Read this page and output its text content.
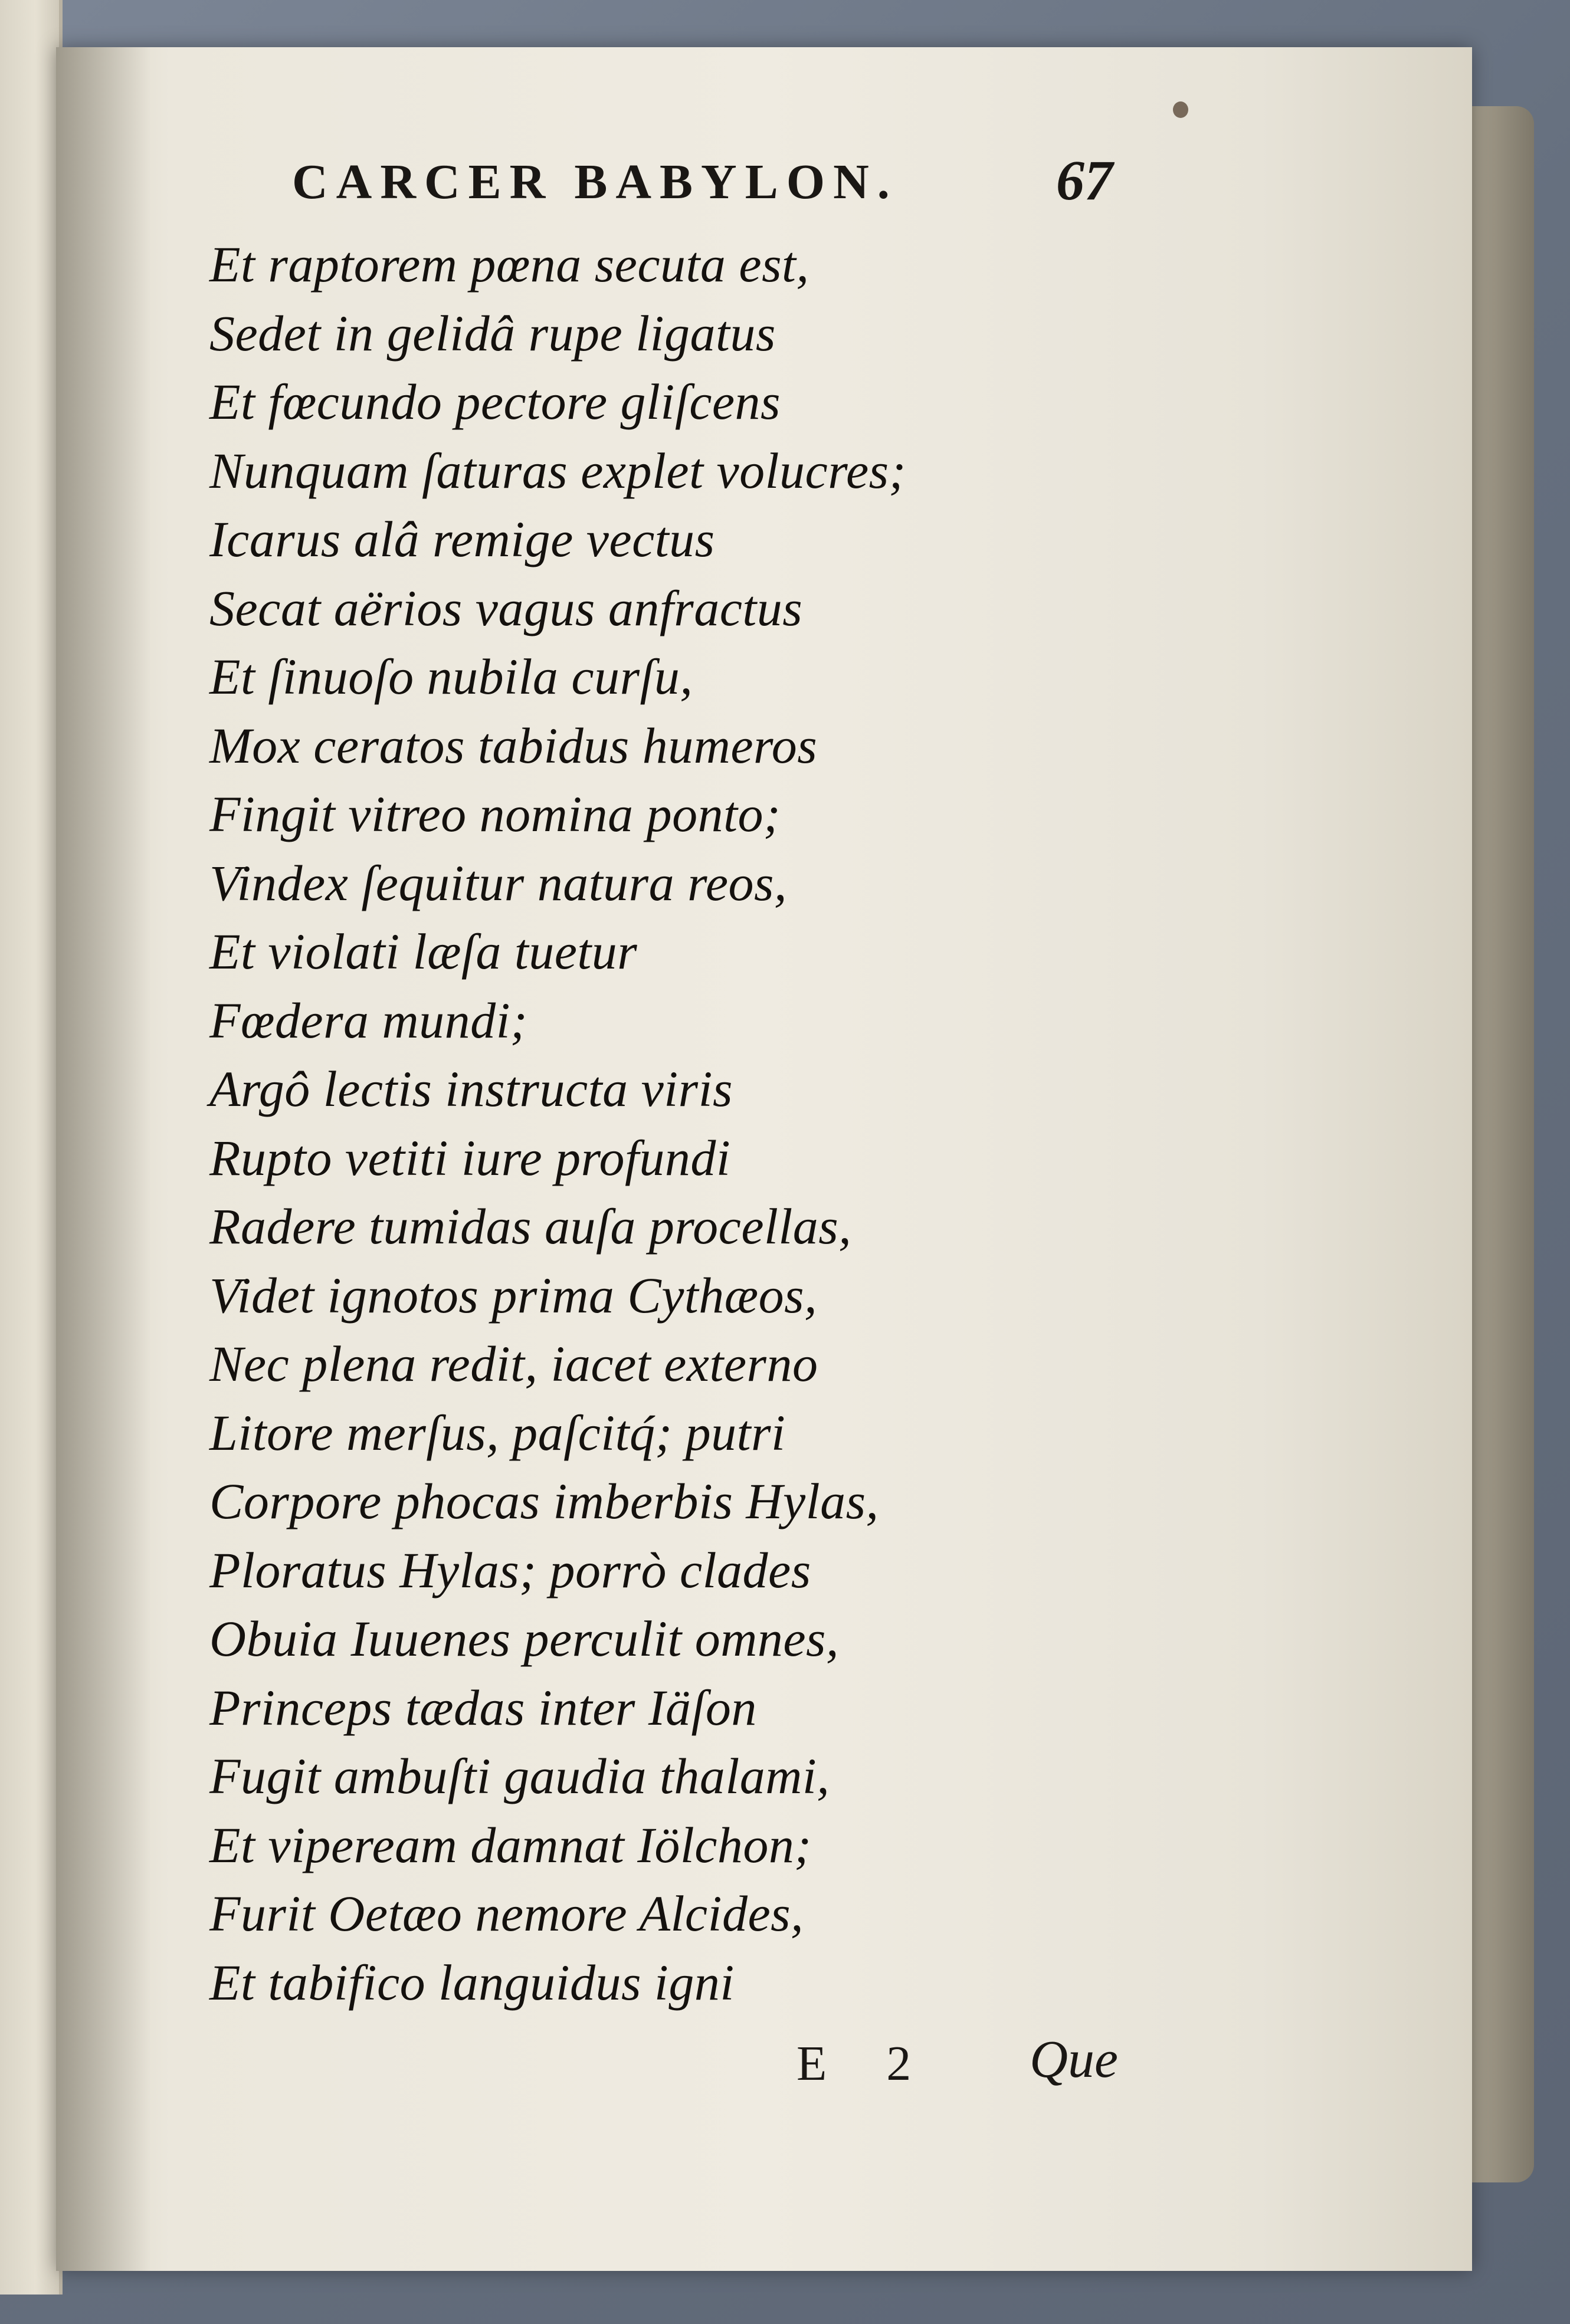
CARCER BABYLON.	67
Et raptorem pœna secuta est,
Sedet in gelidâ rupe ligatus
Et fœcundo pectore gliſcens
Nunquam ſaturas explet volucres;
Icarus alâ remige vectus
Secat aërios vagus anfractus
Et ſinuoſo nubila curſu,
Mox ceratos tabidus humeros
Fingit vitreo nomina ponto;
Vindex ſequitur natura reos,
Et violati læſa tuetur
Fœdera mundi;
Argô lectis instructa viris
Rupto vetiti iure profundi
Radere tumidas auſa procellas,
Videt ignotos prima Cythæos,
Nec plena redit, iacet externo
Litore merſus, paſcitq́; putri
Corpore phocas imberbis Hylas,
Ploratus Hylas; porrò clades
Obuia Iuuenes perculit omnes,
Princeps tædas inter Iäſon
Fugit ambuſti gaudia thalami,
Et vipeream damnat Iölchon;
Furit Oetæo nemore Alcides,
Et tabifico languidus igni
E 2 Que
